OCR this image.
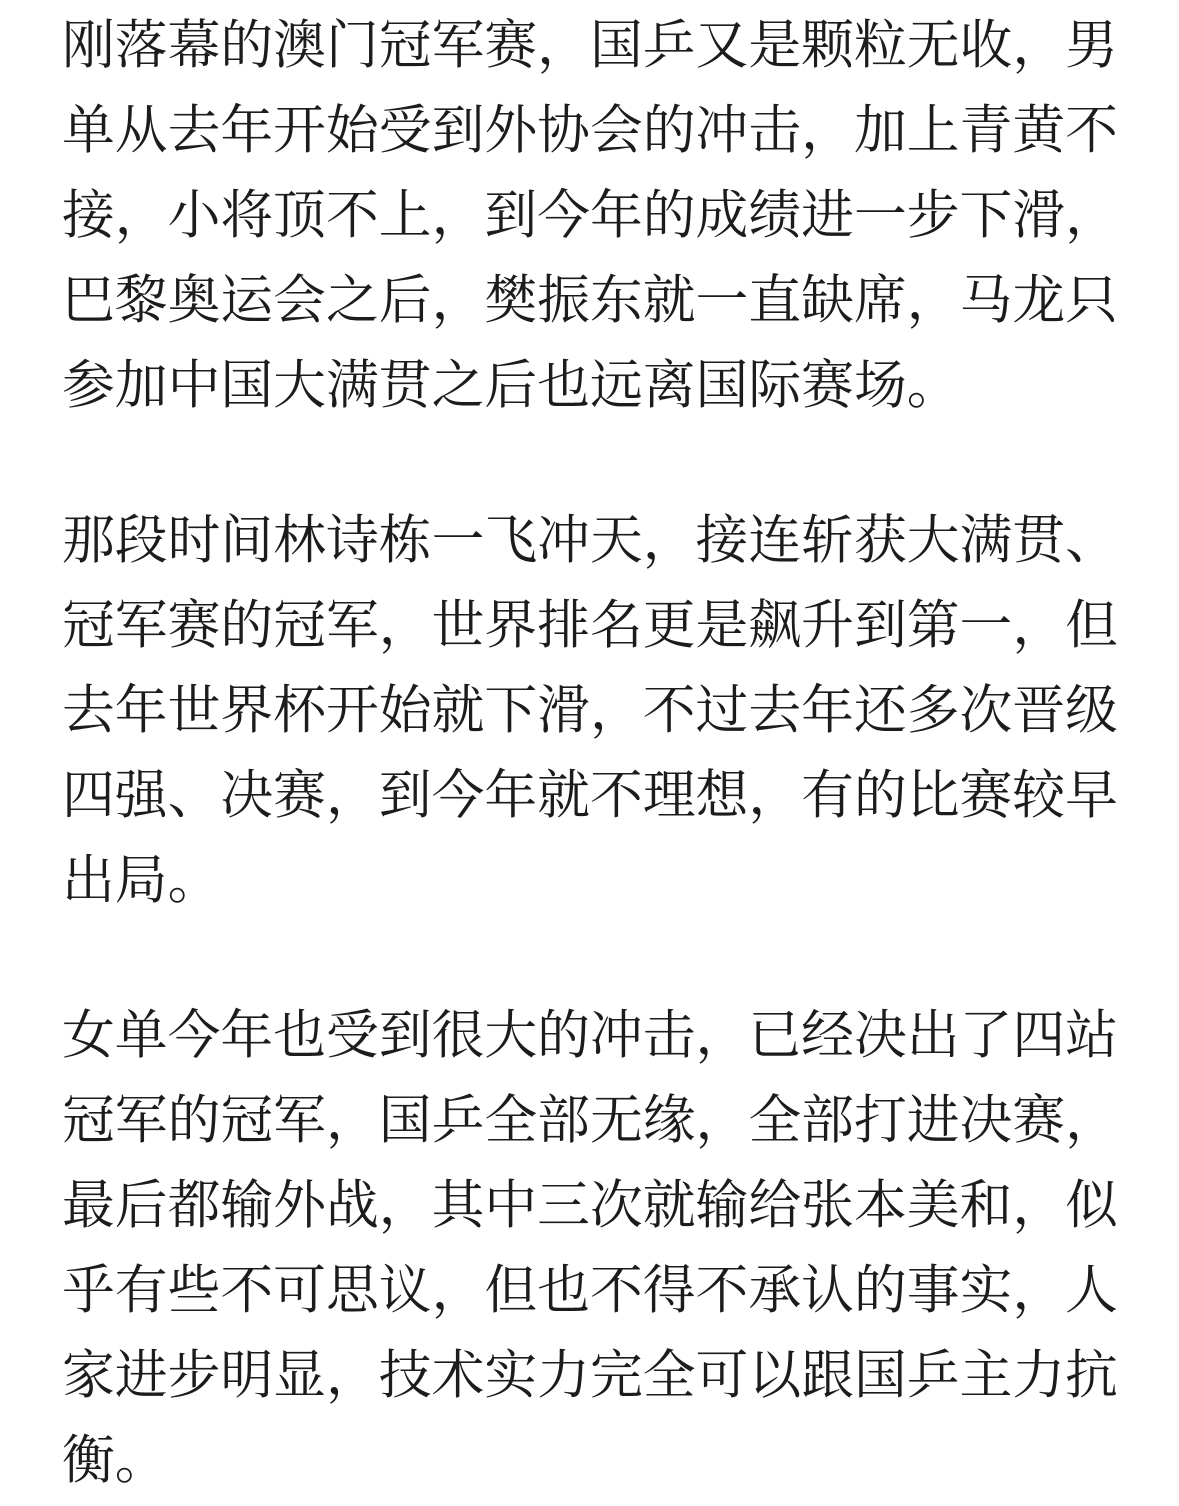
刚落幕的澳门冠军赛，国乒又是颗粒无收，男
单从去年开始受到外协会的冲击，加上青黄不
接，小将顶不上，到今年的成绩进一步下滑，
巴黎奥运会之后，樊振东就一直缺席，马龙只
参加中国大满贯之后也远离国际赛场。
那段时间林诗栋一飞冲天，接连斩获大满贯、
冠军赛的冠军，世界排名更是飙升到第一，但
去年世界杯开始就下滑，不过去年还多次晋级
四强、决赛，到今年就不理想，有的比赛较早
出局。
女单今年也受到很大的冲击，已经决出了四站
冠军的冠军，国乒全部无缘，全部打进决赛，
最后都输外战，其中三次就输给张本美和，似
乎有些不可思议，但也不得不承认的事实，人
家进步明显，技术实力完全可以跟国乒主力抗
衡。
